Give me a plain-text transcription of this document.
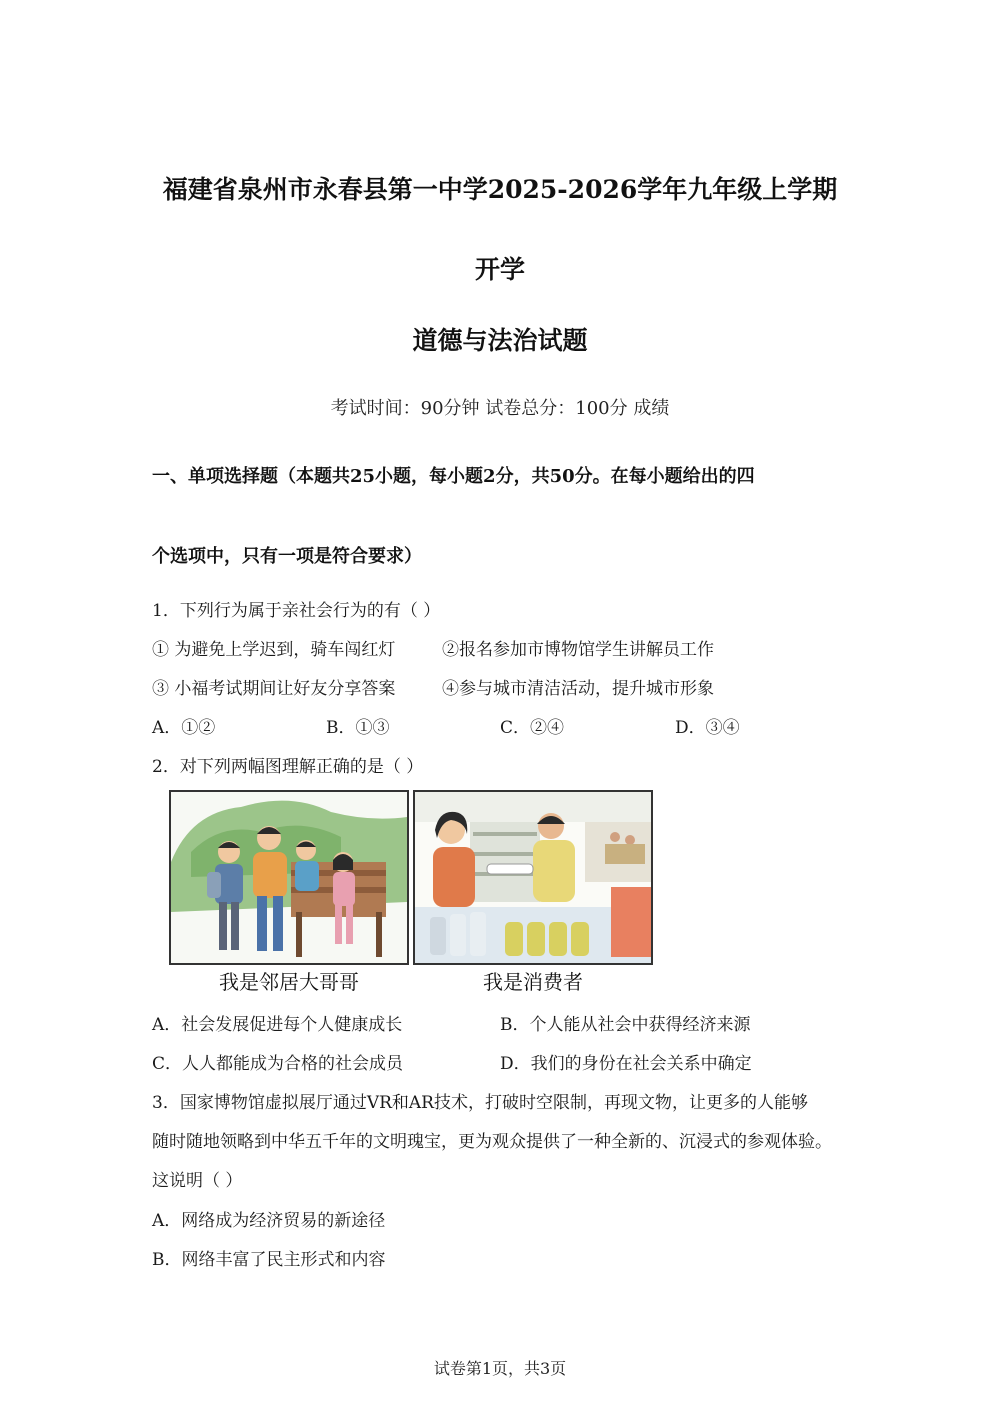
福建省泉州市永春县第一中学2025-2026学年九年级上学期
开学
道德与法治试题
考试时间：90分钟 试卷总分：100分 成绩
一、单项选择题（本题共25小题，每小题2分，共50分。在每小题给出的四
个选项中，只有一项是符合要求）
1．下列行为属于亲社会行为的有（ ）
① 为避免上学迟到，骑车闯红灯	②报名参加市博物馆学生讲解员工作
③ 小福考试期间让好友分享答案	④参与城市清洁活动，提升城市形象
A．①②	B．①③	C．②④	D．③④
2．对下列两幅图理解正确的是（ ）
我是邻居大哥哥	我是消费者
A．社会发展促进每个人健康成长	B．个人能从社会中获得经济来源
C．人人都能成为合格的社会成员	D．我们的身份在社会关系中确定
3．国家博物馆虚拟展厅通过VR和AR技术，打破时空限制，再现文物，让更多的人能够
随时随地领略到中华五千年的文明瑰宝，更为观众提供了一种全新的、沉浸式的参观体验。
这说明（ ）
A．网络成为经济贸易的新途径
B．网络丰富了民主形式和内容
试卷第1页，共3页
